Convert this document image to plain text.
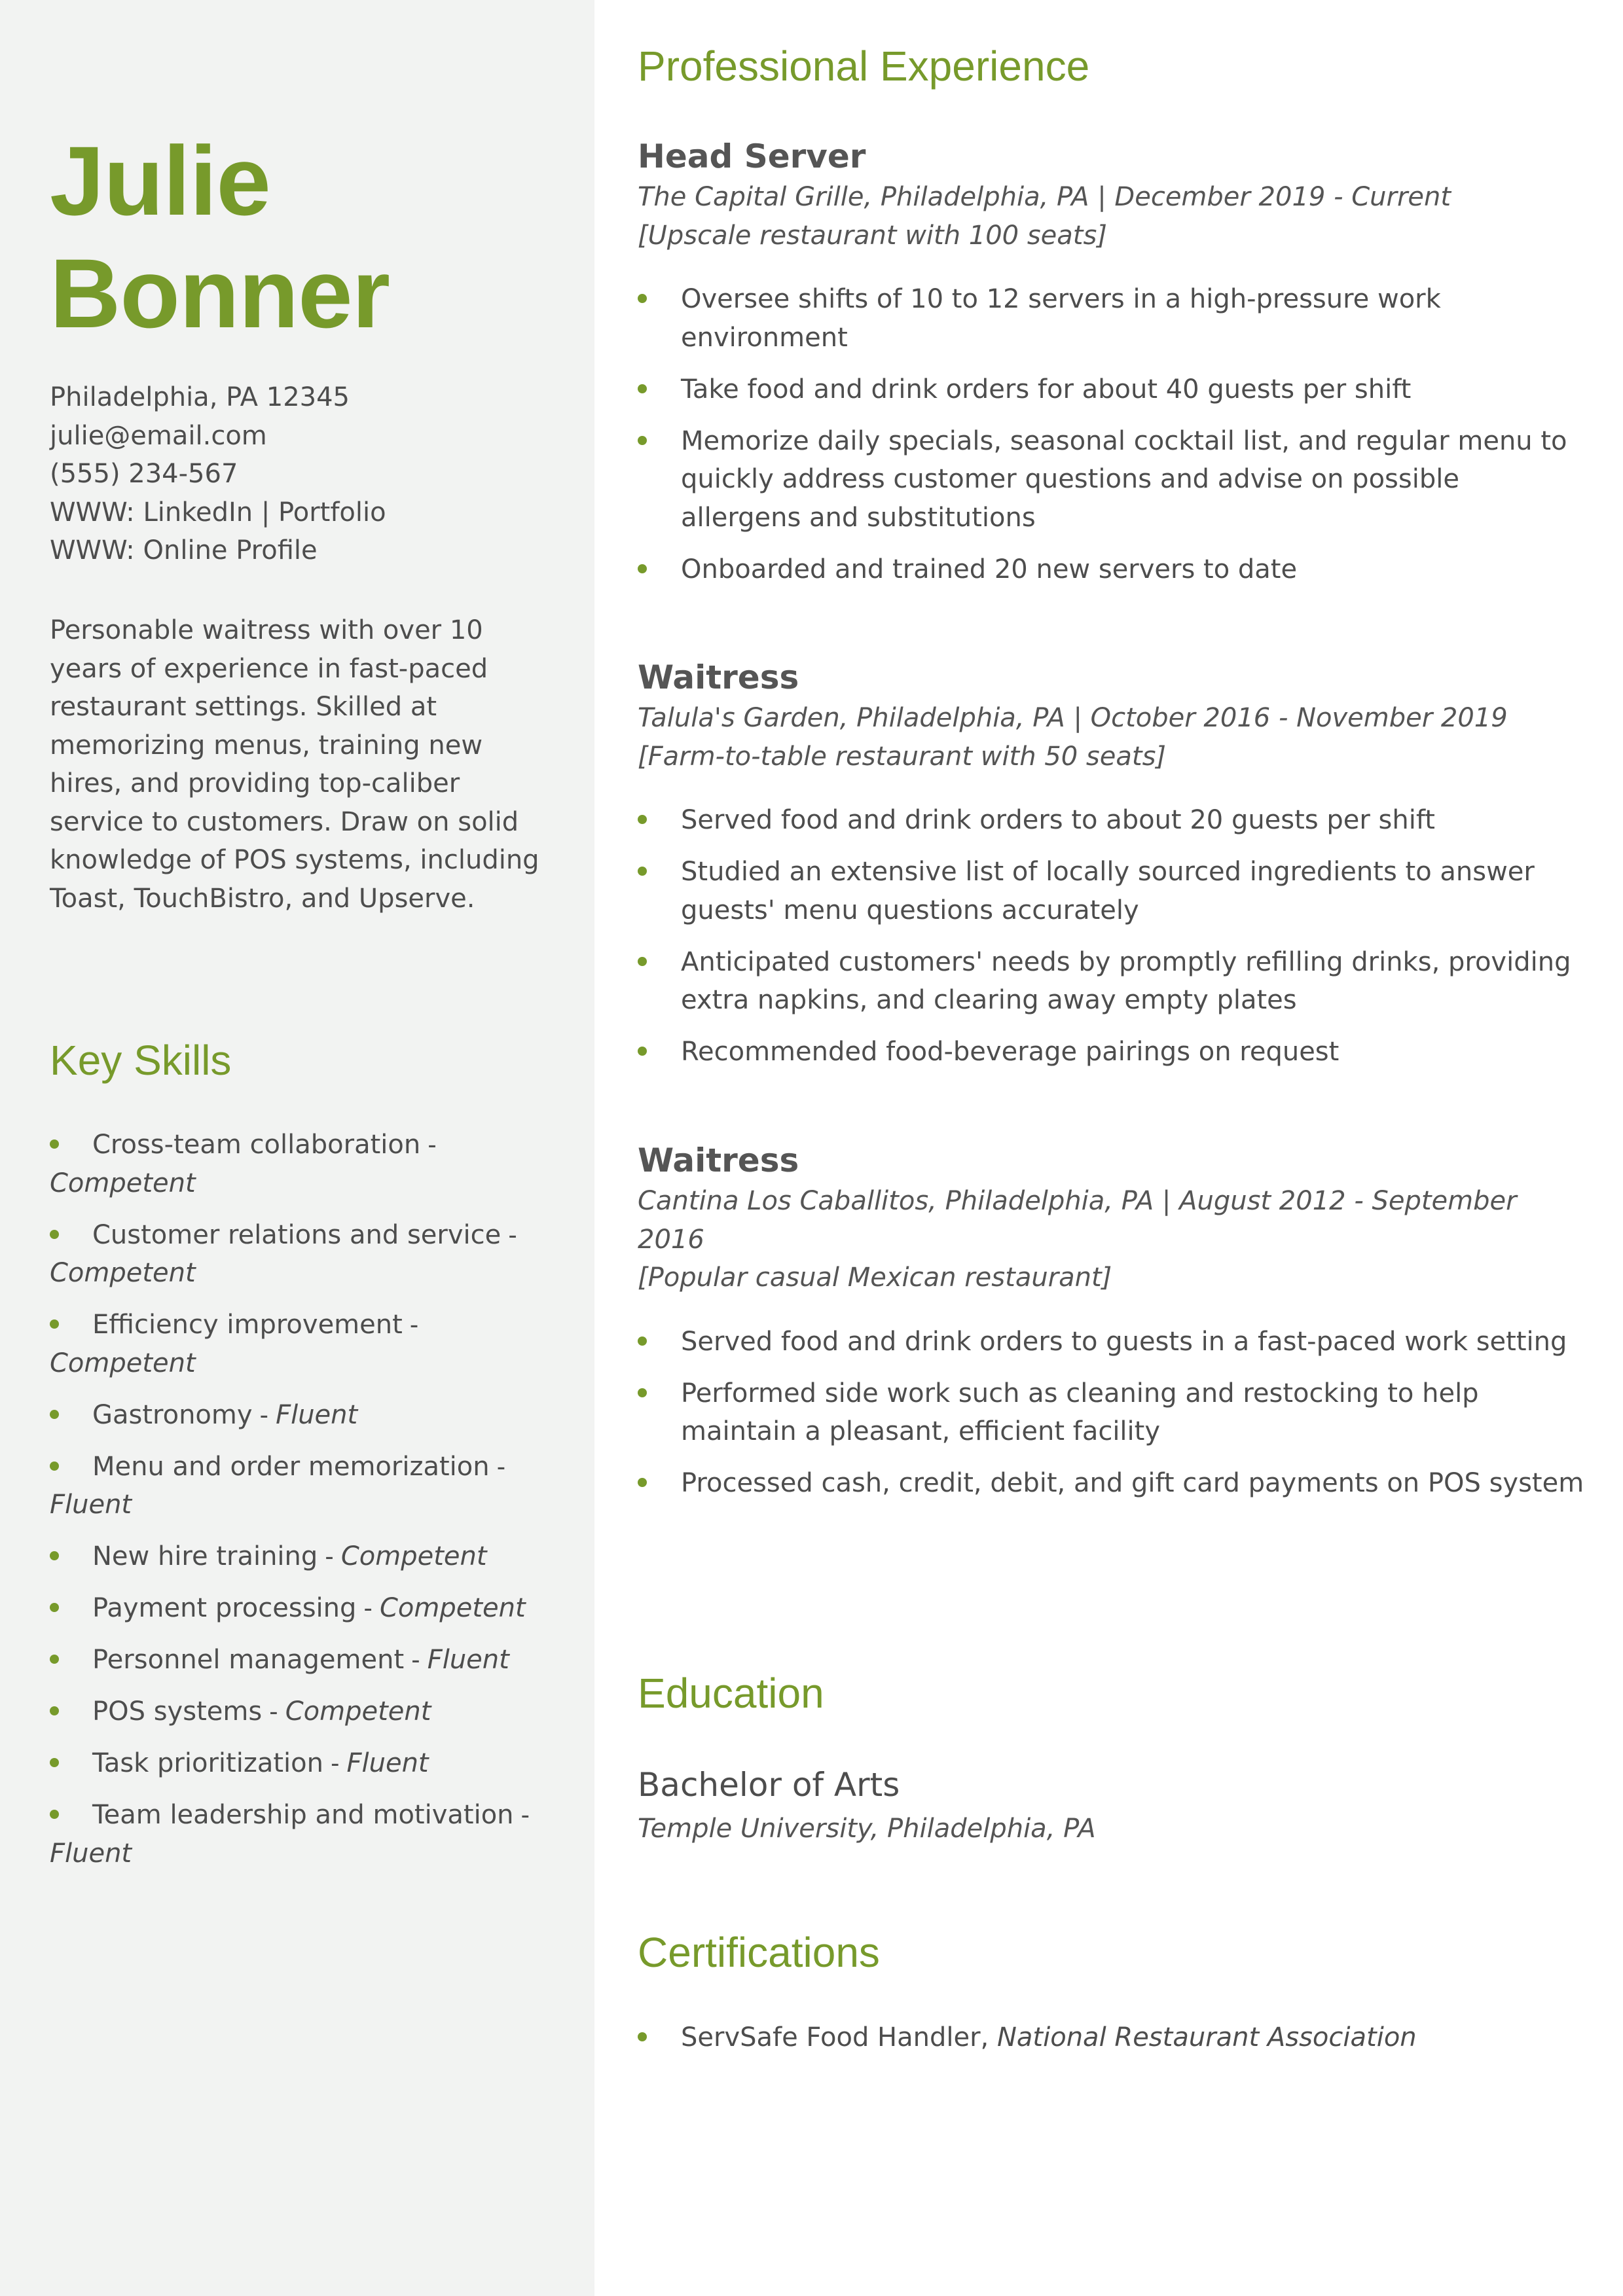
Julie
Bonner
Philadelphia, PA 12345
julie@email.com
(555) 234-567
WWW: LinkedIn | Portfolio
WWW: Online Profile
Personable waitress with over 10 years of experience in fast-paced restaurant settings. Skilled at memorizing menus, training new hires, and providing top-caliber service to customers. Draw on solid knowledge of POS systems, including Toast, TouchBistro, and Upserve.
Key Skills
Cross-team collaboration - Competent
Customer relations and service - Competent
Efficiency improvement - Competent
Gastronomy - Fluent
Menu and order memorization - Fluent
New hire training - Competent
Payment processing - Competent
Personnel management - Fluent
POS systems - Competent
Task prioritization - Fluent
Team leadership and motivation - Fluent
Professional Experience
Head Server
The Capital Grille, Philadelphia, PA | December 2019 - Current
[Upscale restaurant with 100 seats]
Oversee shifts of 10 to 12 servers in a high-pressure work environment
Take food and drink orders for about 40 guests per shift
Memorize daily specials, seasonal cocktail list, and regular menu to quickly address customer questions and advise on possible allergens and substitutions
Onboarded and trained 20 new servers to date
Waitress
Talula's Garden, Philadelphia, PA | October 2016 - November 2019
[Farm-to-table restaurant with 50 seats]
Served food and drink orders to about 20 guests per shift
Studied an extensive list of locally sourced ingredients to answer guests' menu questions accurately
Anticipated customers' needs by promptly refilling drinks, providing extra napkins, and clearing away empty plates
Recommended food-beverage pairings on request
Waitress
Cantina Los Caballitos, Philadelphia, PA | August 2012 - September 2016
[Popular casual Mexican restaurant]
Served food and drink orders to guests in a fast-paced work setting
Performed side work such as cleaning and restocking to help maintain a pleasant, efficient facility
Processed cash, credit, debit, and gift card payments on POS system
Education
Bachelor of Arts
Temple University, Philadelphia, PA
Certifications
ServSafe Food Handler, National Restaurant Association
